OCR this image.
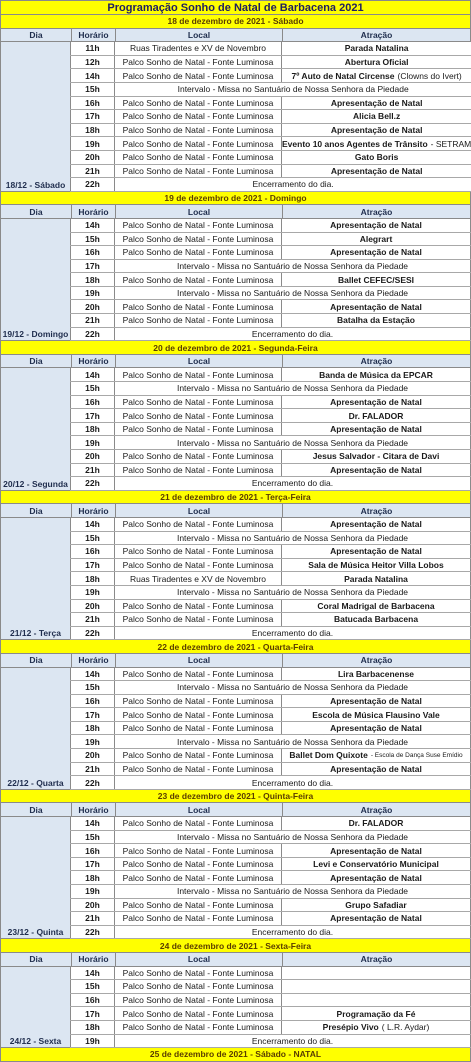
Programação Sonho de Natal de Barbacena 2021
18 de dezembro de 2021 - Sábado
Dia	Horário	Local	Atração
18/12 - Sábado
11h	Ruas Tiradentes e XV de Novembro	Parada Natalina
12h	Palco Sonho de Natal - Fonte Luminosa	Abertura Oficial
14h	Palco Sonho de Natal - Fonte Luminosa	7º Auto de Natal Circense (Clowns do Ivert)
15h	Intervalo - Missa no Santuário de Nossa Senhora da Piedade
16h	Palco Sonho de Natal - Fonte Luminosa	Apresentação de Natal
17h	Palco Sonho de Natal - Fonte Luminosa	Alicia Bell.z
18h	Palco Sonho de Natal - Fonte Luminosa	Apresentação de Natal
19h	Palco Sonho de Natal - Fonte Luminosa	Evento 10 anos Agentes de Trânsito - SETRAM
20h	Palco Sonho de Natal - Fonte Luminosa	Gato Boris
21h	Palco Sonho de Natal - Fonte Luminosa	Apresentação de Natal
22h	Encerramento do dia.
19 de dezembro de 2021 - Domingo
Dia	Horário	Local	Atração
19/12 - Domingo
14h	Palco Sonho de Natal - Fonte Luminosa	Apresentação de Natal
15h	Palco Sonho de Natal - Fonte Luminosa	Alegrart
16h	Palco Sonho de Natal - Fonte Luminosa	Apresentação de Natal
17h	Intervalo - Missa no Santuário de Nossa Senhora da Piedade
18h	Palco Sonho de Natal - Fonte Luminosa	Ballet CEFEC/SESI
19h	Intervalo - Missa no Santuário de Nossa Senhora da Piedade
20h	Palco Sonho de Natal - Fonte Luminosa	Apresentação de Natal
21h	Palco Sonho de Natal - Fonte Luminosa	Batalha da Estação
22h	Encerramento do dia.
20 de dezembro de 2021 - Segunda-Feira
Dia	Horário	Local	Atração
20/12 - Segunda
14h	Palco Sonho de Natal - Fonte Luminosa	Banda de Música da EPCAR
15h	Intervalo - Missa no Santuário de Nossa Senhora da Piedade
16h	Palco Sonho de Natal - Fonte Luminosa	Apresentação de Natal
17h	Palco Sonho de Natal - Fonte Luminosa	Dr. FALADOR
18h	Palco Sonho de Natal - Fonte Luminosa	Apresentação de Natal
19h	Intervalo - Missa no Santuário de Nossa Senhora da Piedade
20h	Palco Sonho de Natal - Fonte Luminosa	Jesus Salvador - Citara de Davi
21h	Palco Sonho de Natal - Fonte Luminosa	Apresentação de Natal
22h	Encerramento do dia.
21 de dezembro de 2021 - Terça-Feira
Dia	Horário	Local	Atração
21/12 - Terça
14h	Palco Sonho de Natal - Fonte Luminosa	Apresentação de Natal
15h	Intervalo - Missa no Santuário de Nossa Senhora da Piedade
16h	Palco Sonho de Natal - Fonte Luminosa	Apresentação de Natal
17h	Palco Sonho de Natal - Fonte Luminosa	Sala de Música Heitor Villa Lobos
18h	Ruas Tiradentes e XV de Novembro	Parada Natalina
19h	Intervalo - Missa no Santuário de Nossa Senhora da Piedade
20h	Palco Sonho de Natal - Fonte Luminosa	Coral Madrigal de Barbacena
21h	Palco Sonho de Natal - Fonte Luminosa	Batucada Barbacena
22h	Encerramento do dia.
22 de dezembro de 2021 - Quarta-Feira
Dia	Horário	Local	Atração
22/12 - Quarta
14h	Palco Sonho de Natal - Fonte Luminosa	Lira Barbacenense
15h	Intervalo - Missa no Santuário de Nossa Senhora da Piedade
16h	Palco Sonho de Natal - Fonte Luminosa	Apresentação de Natal
17h	Palco Sonho de Natal - Fonte Luminosa	Escola de Música Flausino Vale
18h	Palco Sonho de Natal - Fonte Luminosa	Apresentação de Natal
19h	Intervalo - Missa no Santuário de Nossa Senhora da Piedade
20h	Palco Sonho de Natal - Fonte Luminosa	Ballet Dom Quixote - Escola de Dança Suse Emídio
21h	Palco Sonho de Natal - Fonte Luminosa	Apresentação de Natal
22h	Encerramento do dia.
23 de dezembro de 2021 - Quinta-Feira
Dia	Horário	Local	Atração
23/12 - Quinta
14h	Palco Sonho de Natal - Fonte Luminosa	Dr. FALADOR
15h	Intervalo - Missa no Santuário de Nossa Senhora da Piedade
16h	Palco Sonho de Natal - Fonte Luminosa	Apresentação de Natal
17h	Palco Sonho de Natal - Fonte Luminosa	Levi e Conservatório Municipal
18h	Palco Sonho de Natal - Fonte Luminosa	Apresentação de Natal
19h	Intervalo - Missa no Santuário de Nossa Senhora da Piedade
20h	Palco Sonho de Natal - Fonte Luminosa	Grupo Safadiar
21h	Palco Sonho de Natal - Fonte Luminosa	Apresentação de Natal
22h	Encerramento do dia.
24 de dezembro de 2021 - Sexta-Feira
Dia	Horário	Local	Atração
24/12 - Sexta
14h	Palco Sonho de Natal - Fonte Luminosa
15h	Palco Sonho de Natal - Fonte Luminosa
16h	Palco Sonho de Natal - Fonte Luminosa
17h	Palco Sonho de Natal - Fonte Luminosa	Programação da Fé
18h	Palco Sonho de Natal - Fonte Luminosa	Presépio Vivo ( L.R. Aydar)
19h	Encerramento do dia.
25 de dezembro de 2021 - Sábado - NATAL
